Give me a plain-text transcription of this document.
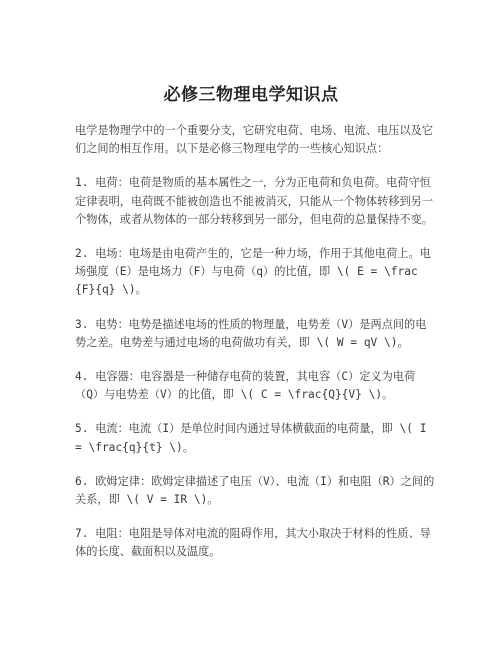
必修三物理电学知识点

电学是物理学中的一个重要分支，它研究电荷、电场、电流、电压以及它们之间的相互作用。以下是必修三物理电学的一些核心知识点：

1. 电荷：电荷是物质的基本属性之一，分为正电荷和负电荷。电荷守恒定律表明，电荷既不能被创造也不能被消灭，只能从一个物体转移到另一个物体，或者从物体的一部分转移到另一部分，但电荷的总量保持不变。

2. 电场：电场是由电荷产生的，它是一种力场，作用于其他电荷上。电场强度（E）是电场力（F）与电荷（q）的比值，即 \( E = \frac{F}{q} \)。

3. 电势：电势是描述电场的性质的物理量，电势差（V）是两点间的电势之差。电势差与通过电场的电荷做功有关，即 \( W = qV \)。

4. 电容器：电容器是一种储存电荷的装置，其电容（C）定义为电荷（Q）与电势差（V）的比值，即 \( C = \frac{Q}{V} \)。

5. 电流：电流（I）是单位时间内通过导体横截面的电荷量，即 \( I = \frac{q}{t} \)。

6. 欧姆定律：欧姆定律描述了电压（V）、电流（I）和电阻（R）之间的关系，即 \( V = IR \)。

7. 电阻：电阻是导体对电流的阻碍作用，其大小取决于材料的性质、导体的长度、截面积以及温度。
